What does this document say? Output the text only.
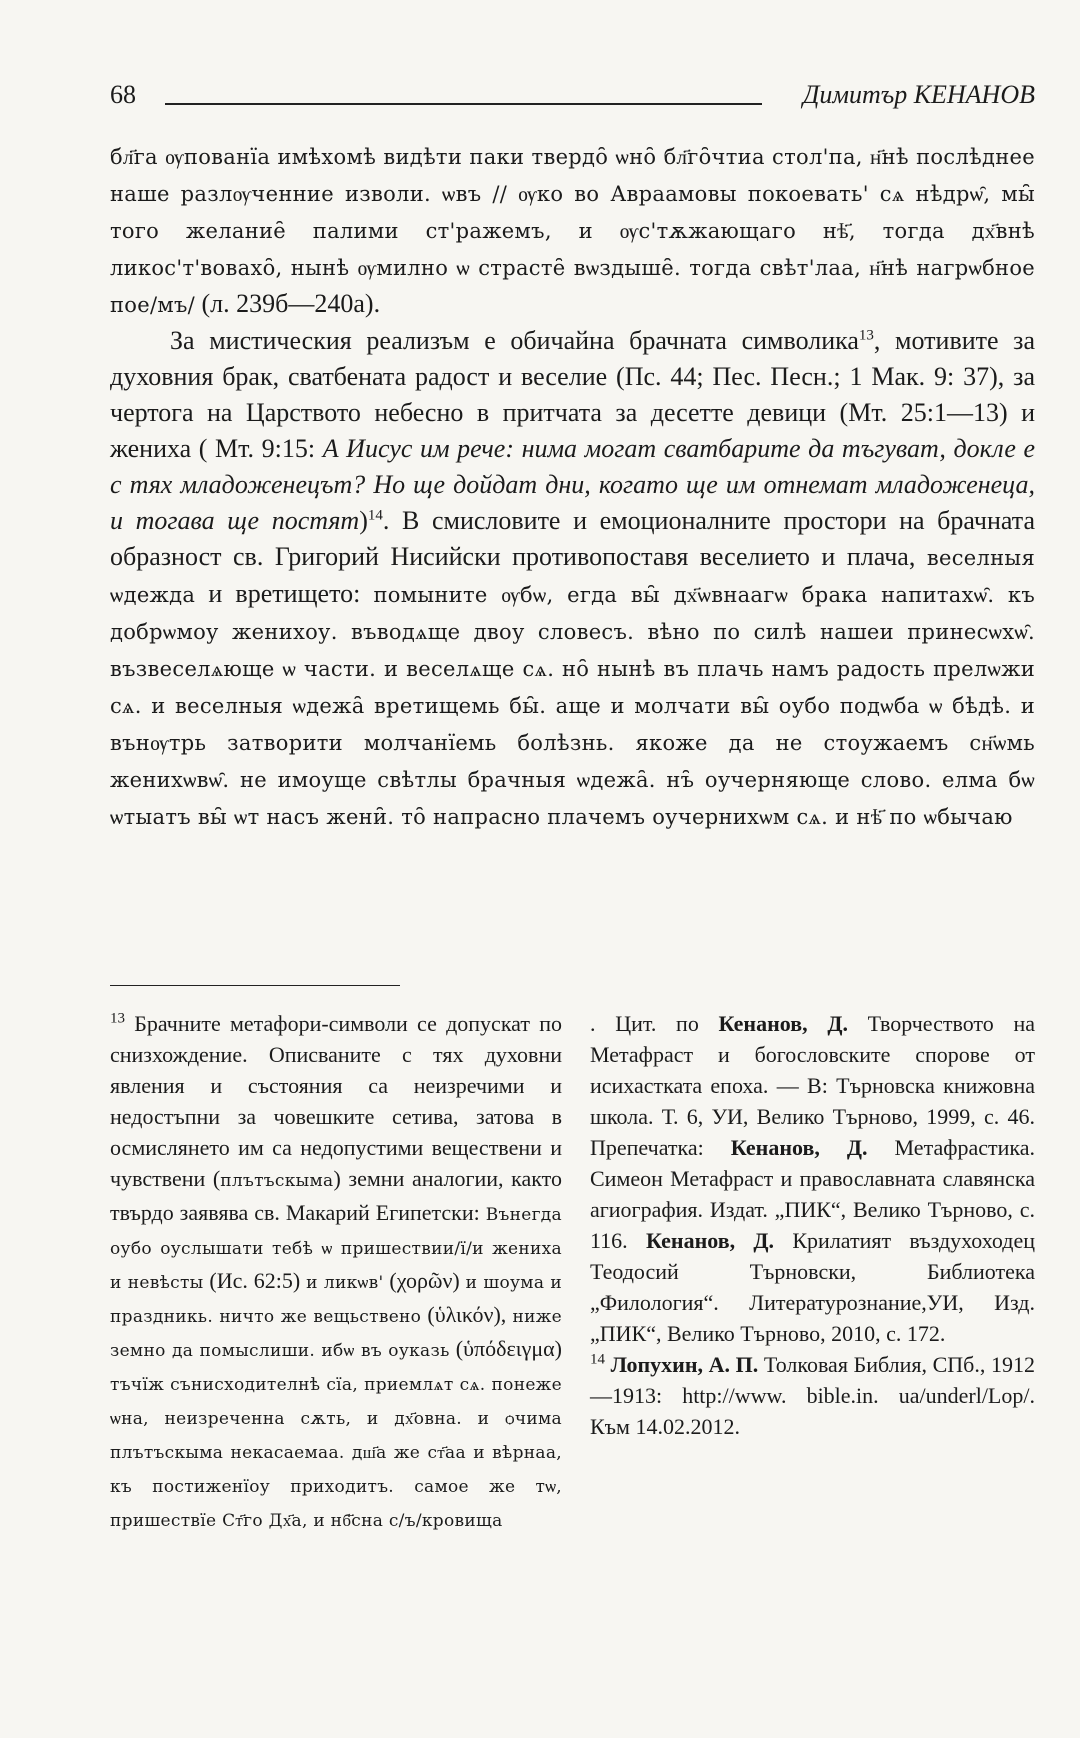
68	Димитър КЕНАНОВ

бл҃га ѹпованїа имѣхомѣ видѣти паки твердо̑ ѡно̑ бл҃го̑чтиа стол'па, н҃нѣ послѣднее наше разлѹченние изволи. ѡвъ // ѹко во Авраамовы покоевать' сѧ нѣдрѡ̑, мы̑ того желание̑ палими ст'ражемъ, и ѹс'тѫжающаго нѣ҃, тогда дх҃внѣ ликос'т'вовахо̑, нынѣ ѹмилно ѡ страсте̑ вѡздыше̑. тогда свѣт'лаа, н҃нѣ нагрѡбное пое/мъ/ (л. 239б—240а).

За мистическия реализъм е обичайна брачната символика$^{13}$, мотивите за духовния брак, сватбената радост и веселие (Пс. 44; Пес. Песн.; 1 Мак. 9: 37), за чертога на Царството небесно в притчата за десетте девици (Мт. 25:1—13) и жениха ( Мт. 9:15: А Иисус им рече: нима могат сватбарите да тъгуват, докле е с тях младоженецът? Но ще дойдат дни, когато ще им отнемат младоженеца, и тогава ще постят)$^{14}$. В смисловите и емоционалните простори на брачната образност св. Григорий Нисийски противопоставя веселието и плача, веселныя ѡдежда и вретището: помыните ѹбѡ, егда вы̑ дх҃ѡвнаагѡ брака напитахѡ̑. къ добрѡмоу женихоу. въводѧще двоу словесъ. вѣно по силѣ нашеи принесѡхѡ̑. възвеселѧюще ѡ части. и веселѧще сѧ. но̑ нынѣ въ плачь намъ радость прелѡжи сѧ. и веселныя ѡдежа̑ вретищемь бы̑. аще и молчати вы̑ оубо подѡба ѡ бѣдѣ. и вънѹтрь затворити молчанїемь болѣзнь. якоже да не стоужаемъ сн҃ѡмь женихѡвѡ̑. не имоуще свѣтлы брачныя ѡдежа̑. нъ̑ оучерняюще слово. елма бѡ ѡтыатъ вы̑ ѡт насъ жени̑. то̑ напрасно плачемъ оучернихѡм сѧ. и нѣ҃ по ѡбычаю

$^{13}$ Брачните метафори-символи се допускат по снизхождение. Описваните с тях духовни явления и състояния са неизречими и недостъпни за човешките сетива, затова в осмислянето им са недопустими веществени и чувствени (плътъскыма) земни аналогии, както твърдо заявява св. Макарий Египетски: Вънегда оубо оуслышати тебѣ ѡ пришествии/ї/и жениха и невѣсты (Ис. 62:5) и ликѡв' (χορῶν) и шоума и праздникь. ничто же вещьствено (ὑλικόν), ниже земно да помыслиши. ибѡ въ оуказь (ὑπόδειγμα) тъчїж сънисходителнѣ сїа, приемлѧт сѧ. понеже ѡна, неизреченна сѫть, и дх҃овна. и ѻчима плътъскыма некасаемаа. дш҃а же ст҃аа и вѣрнаа, къ постиженїоу приходитъ. самое же тѡ, пришествїе Ст҃го Дх҃а, и нб҃сна с/ъ/кровища

. Цит. по Кенанов, Д. Творчеството на Метафраст и богословските спорове от исихасткатa епоха. — В: Търновска книжовна школа. Т. 6, УИ, Велико Търново, 1999, с. 46. Препечатка: Кенанов, Д. Метафрастика. Симеон Метафраст и православната славянска агиография. Издат. „ПИК“, Велико Търново, с. 116. Кенанов, Д. Крилатият въздухоходец Теодосий Търновски, Библиотека „Филология“. Литературознание,УИ, Изд. „ПИК“, Велико Търново, 2010, с. 172.

$^{14}$ Лопухин, А. П. Толковая Библия, СПб., 1912—1913: http://www. bible.in. ua/underl/Lop/. Към 14.02.2012.
